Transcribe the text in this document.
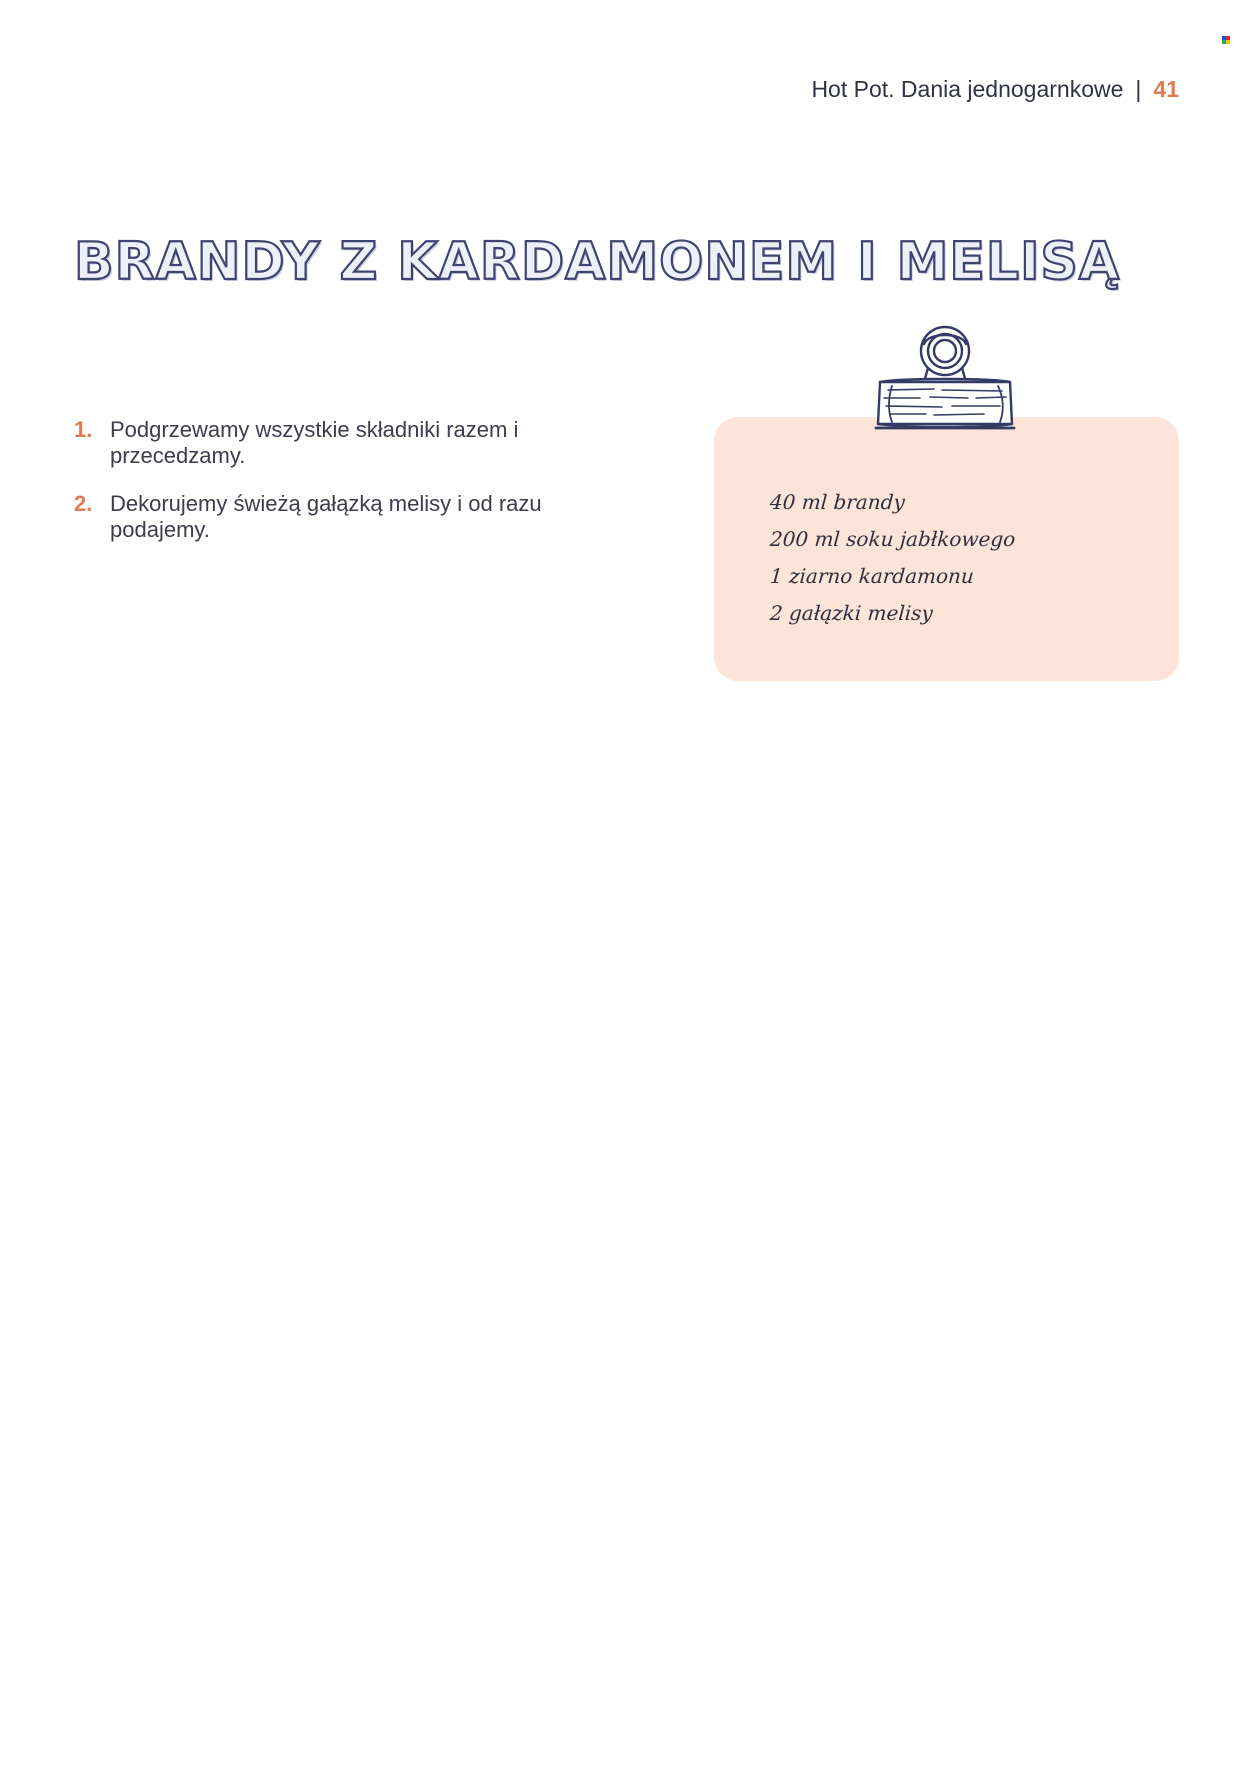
Hot Pot. Dania jednogarnkowe | 41
BRANDY Z KARDAMONEM I MELISĄ
1. Podgrzewamy wszystkie składniki razem i przecedzamy.
2. Dekorujemy świeżą gałązką melisy i od razu podajemy.
40 ml brandy
200 ml soku jabłkowego
1 ziarno kardamonu
2 gałązki melisy
